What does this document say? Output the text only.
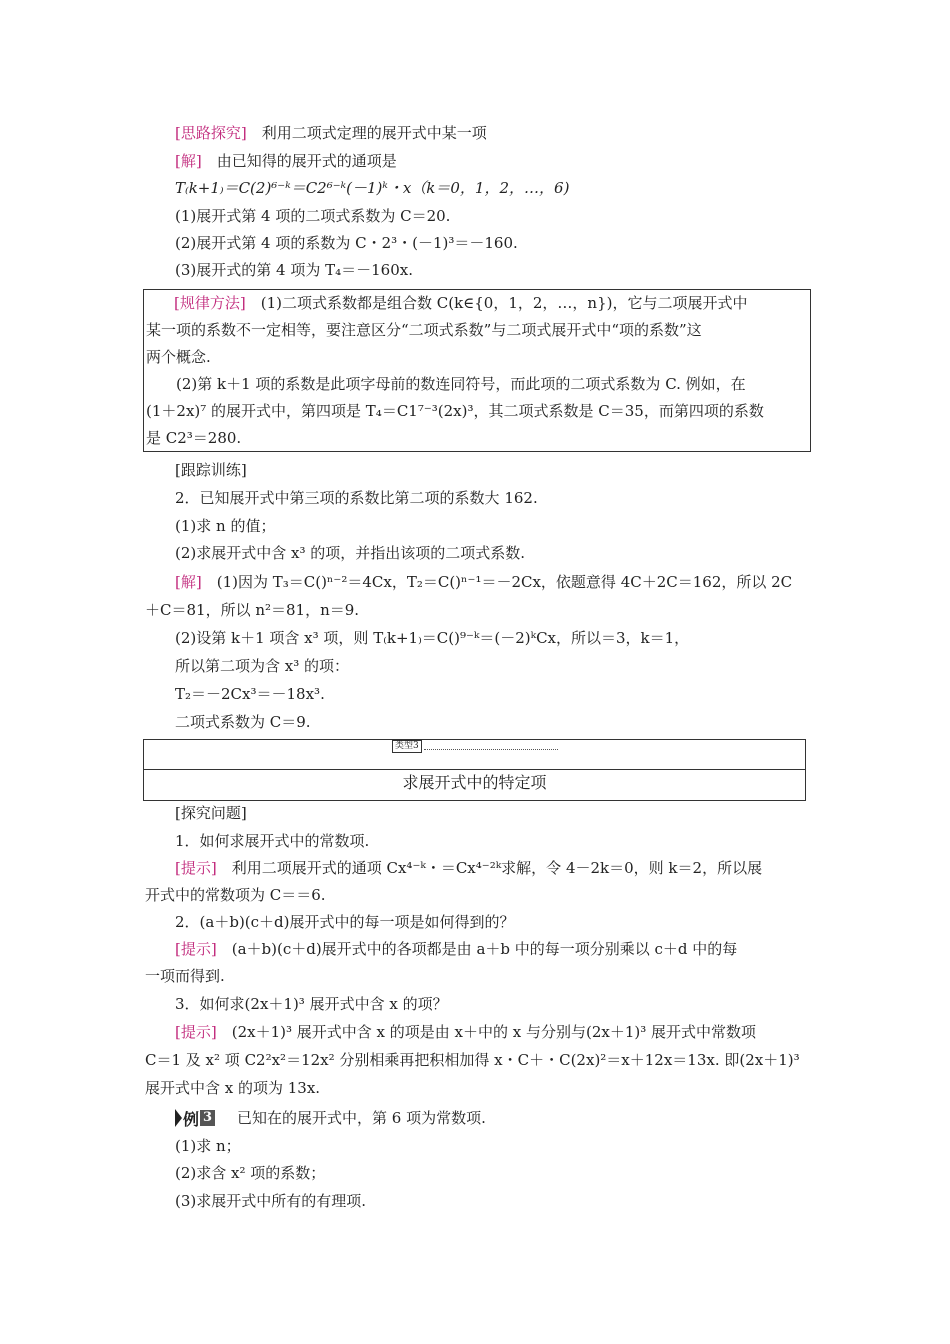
[思路探究]　利用二项式定理的展开式中某一项
[解]　由已知得的展开式的通项是
T₍k+1₎＝C(2)⁶⁻ᵏ＝C2⁶⁻ᵏ(－1)ᵏ・x（k＝0，1，2，…，6)
(1)展开式第 4 项的二项式系数为 C＝20.
(2)展开式第 4 项的系数为 C・2³・(－1)³＝－160.
(3)展开式的第 4 项为 T₄＝－160x.
[规律方法]　(1)二项式系数都是组合数 C(k∈{0，1，2，…，n})，它与二项展开式中
某一项的系数不一定相等，要注意区分“二项式系数”与二项式展开式中“项的系数”这
两个概念.
　　(2)第 k＋1 项的系数是此项字母前的数连同符号，而此项的二项式系数为 C. 例如，在
(1＋2x)⁷ 的展开式中，第四项是 T₄＝C1⁷⁻³(2x)³，其二项式系数是 C＝35，而第四项的系数
是 C2³＝280.
[跟踪训练]
2．已知展开式中第三项的系数比第二项的系数大 162.
(1)求 n 的值；
(2)求展开式中含 x³ 的项，并指出该项的二项式系数.
[解]　(1)因为 T₃＝C()ⁿ⁻²＝4Cx，T₂＝C()ⁿ⁻¹＝－2Cx，依题意得 4C＋2C＝162，所以 2C
＋C＝81，所以 n²＝81，n＝9.
(2)设第 k＋1 项含 x³ 项，则 T₍k+1₎＝C()⁹⁻ᵏ＝(－2)ᵏCx，所以＝3，k＝1，
所以第二项为含 x³ 的项：
T₂＝－2Cx³＝－18x³.
二项式系数为 C＝9.
类型3
求展开式中的特定项
[探究问题]
1．如何求展开式中的常数项.
[提示]　利用二项展开式的通项 Cx⁴⁻ᵏ・＝Cx⁴⁻²ᵏ求解，令 4－2k＝0，则 k＝2，所以展
开式中的常数项为 C＝＝6.
2．(a＋b)(c＋d)展开式中的每一项是如何得到的？
[提示]　(a＋b)(c＋d)展开式中的各项都是由 a＋b 中的每一项分别乘以 c＋d 中的每
一项而得到.
3．如何求(2x＋1)³ 展开式中含 x 的项？
[提示]　(2x＋1)³ 展开式中含 x 的项是由 x＋中的 x 与分别与(2x＋1)³ 展开式中常数项
C＝1 及 x² 项 C2²x²＝12x² 分别相乘再把积相加得 x・C＋・C(2x)²＝x＋12x＝13x. 即(2x＋1)³
展开式中含 x 的项为 13x.
例 3 已知在的展开式中，第 6 项为常数项.
(1)求 n；
(2)求含 x² 项的系数；
(3)求展开式中所有的有理项.
